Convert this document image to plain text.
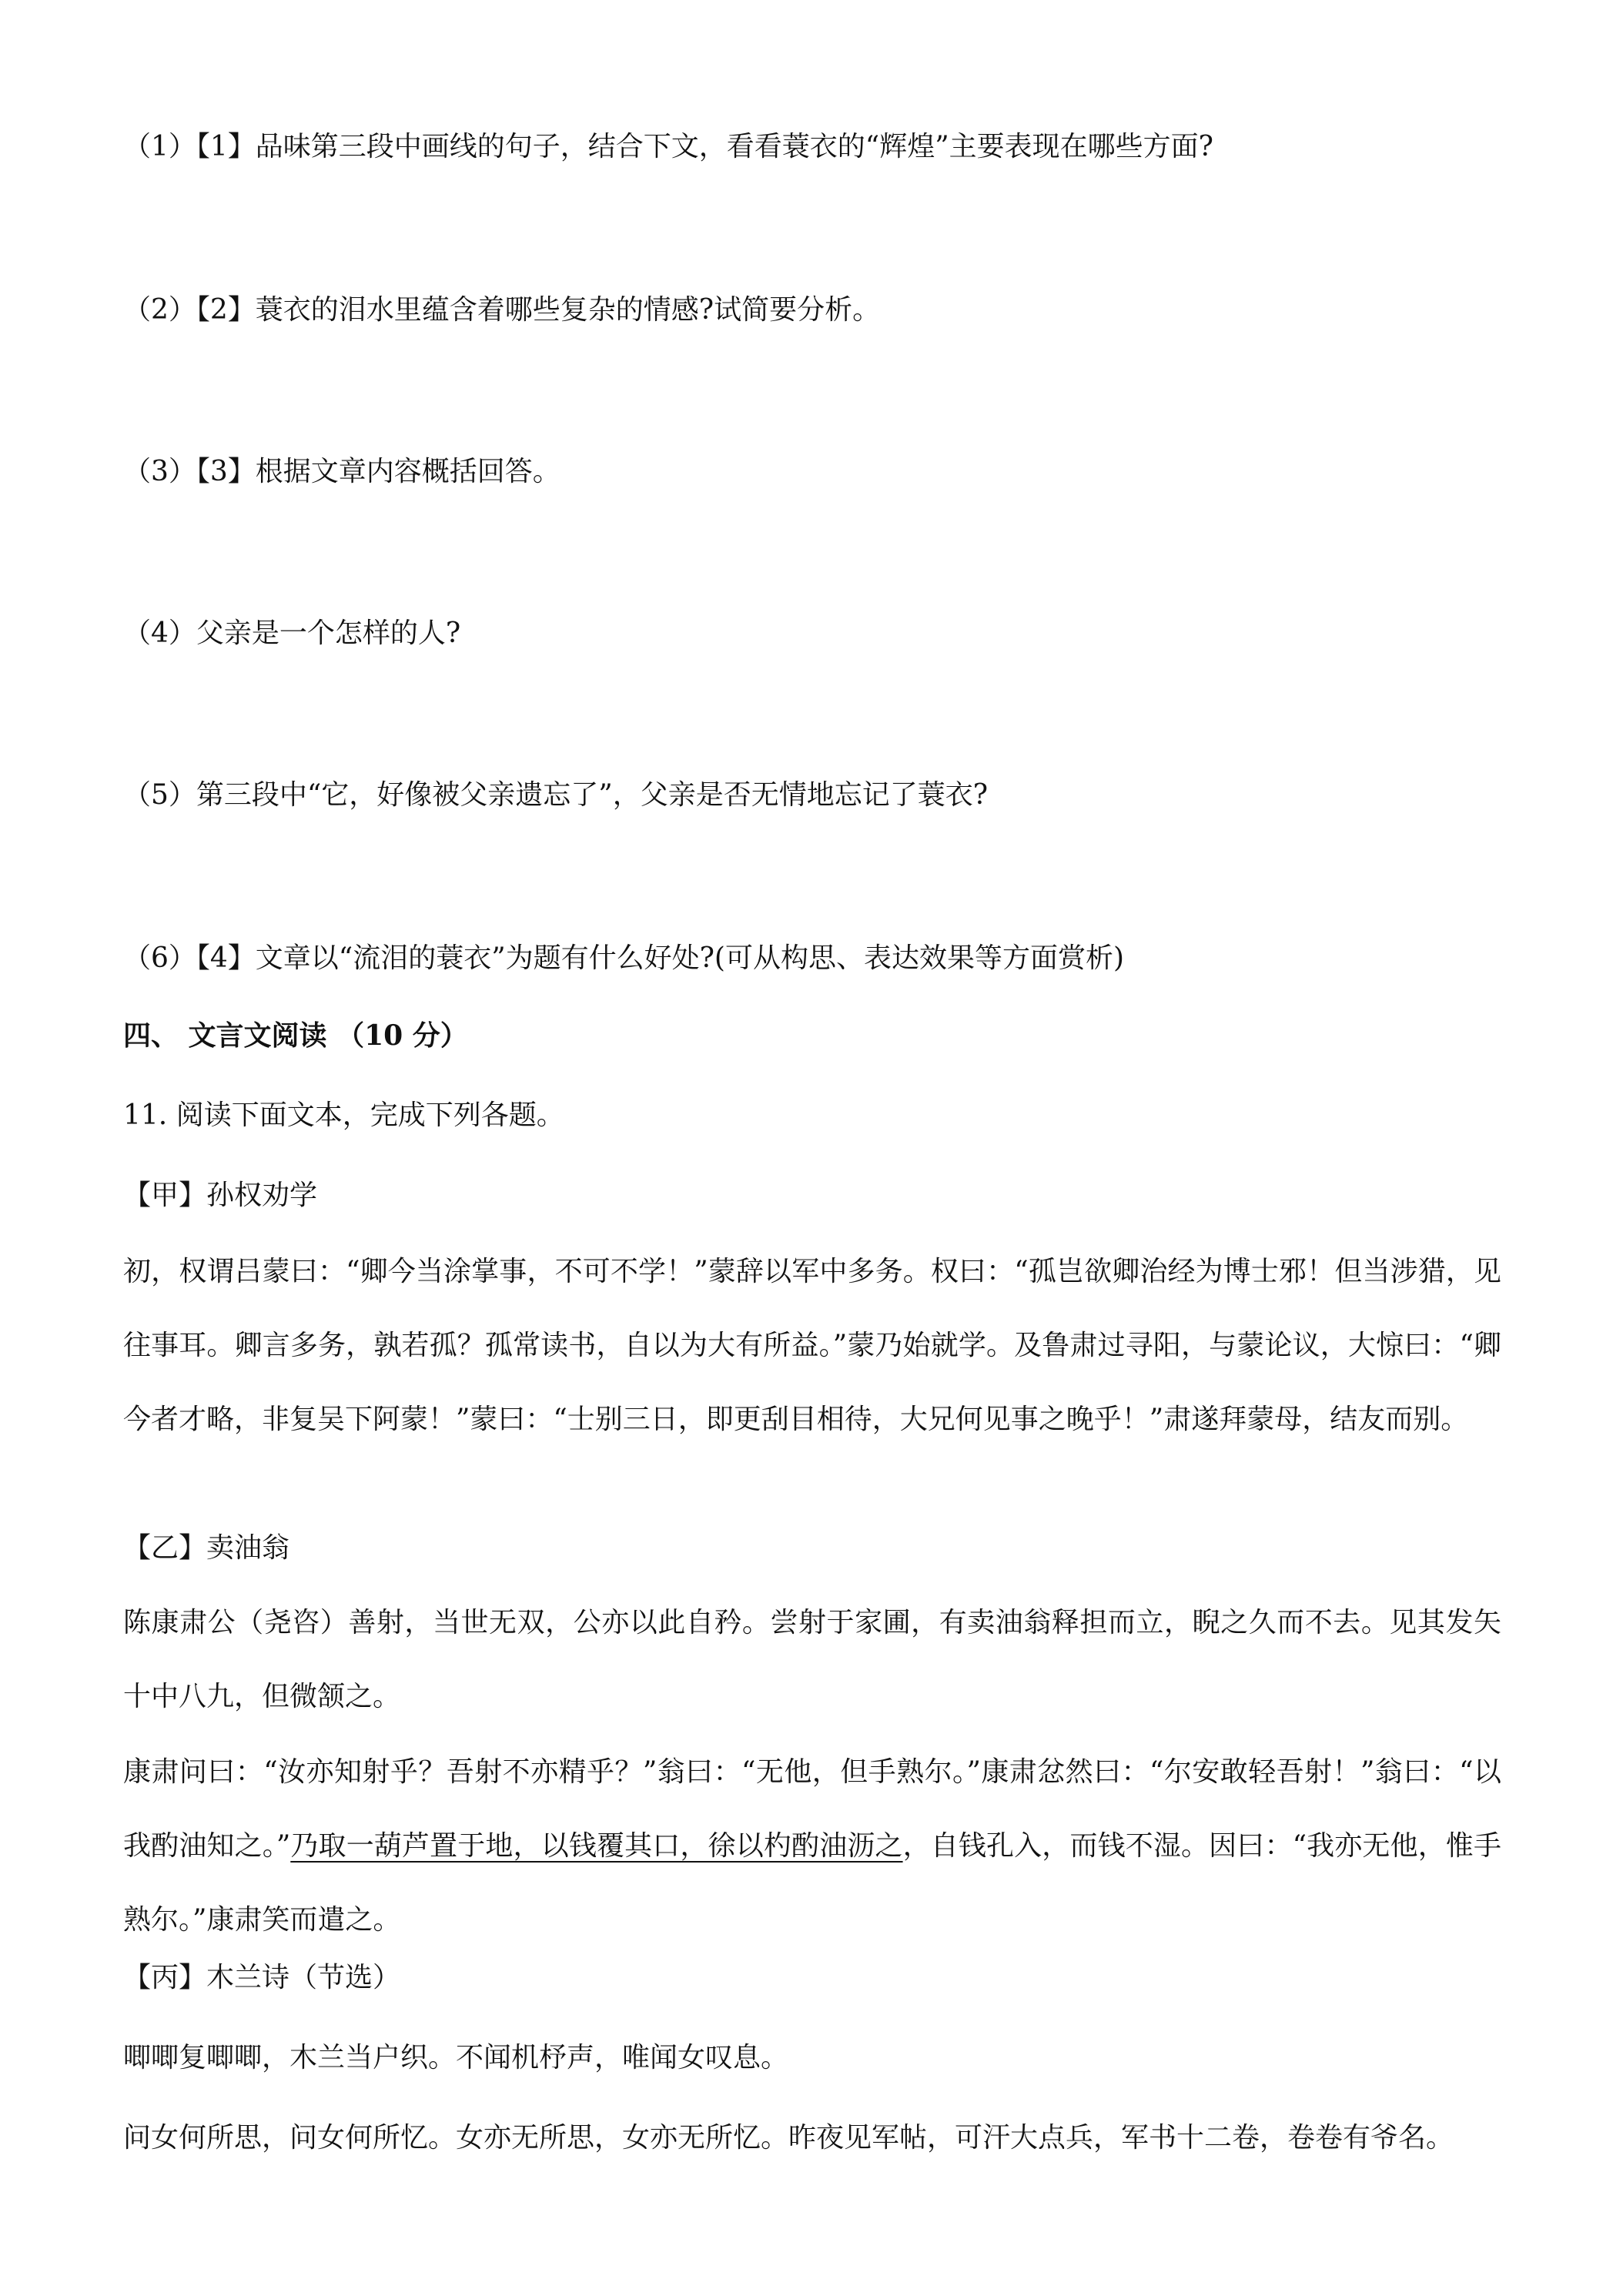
（1）【1】品味第三段中画线的句子，结合下文，看看蓑衣的“辉煌”主要表现在哪些方面?
（2）【2】蓑衣的泪水里蕴含着哪些复杂的情感?试简要分析。
（3）【3】根据文章内容概括回答。
（4）父亲是一个怎样的人?
（5）第三段中“它，好像被父亲遗忘了”，父亲是否无情地忘记了蓑衣?
（6）【4】文章以“流泪的蓑衣”为题有什么好处?(可从构思、表达效果等方面赏析)
四、 文言文阅读 （10 分）
11. 阅读下面文本，完成下列各题。
【甲】孙权劝学
初，权谓吕蒙曰：“卿今当涂掌事，不可不学！”蒙辞以军中多务。权曰：“孤岂欲卿治经为博士邪！但当涉猎，见往事耳。卿言多务，孰若孤？孤常读书，自以为大有所益。”蒙乃始就学。及鲁肃过寻阳，与蒙论议，大惊曰：“卿今者才略，非复吴下阿蒙！”蒙曰：“士别三日，即更刮目相待，大兄何见事之晚乎！”肃遂拜蒙母，结友而别。
【乙】卖油翁
陈康肃公（尧咨）善射，当世无双，公亦以此自矜。尝射于家圃，有卖油翁释担而立，睨之久而不去。见其发矢十中八九，但微颔之。
康肃问曰：“汝亦知射乎？吾射不亦精乎？”翁曰：“无他，但手熟尔。”康肃忿然曰：“尔安敢轻吾射！”翁曰：“以我酌油知之。”乃取一葫芦置于地，以钱覆其口，徐以杓酌油沥之，自钱孔入，而钱不湿。因曰：“我亦无他，惟手熟尔。”康肃笑而遣之。
【丙】木兰诗（节选）
唧唧复唧唧，木兰当户织。不闻机杼声，唯闻女叹息。
问女何所思，问女何所忆。女亦无所思，女亦无所忆。昨夜见军帖，可汗大点兵，军书十二卷，卷卷有爷名。
